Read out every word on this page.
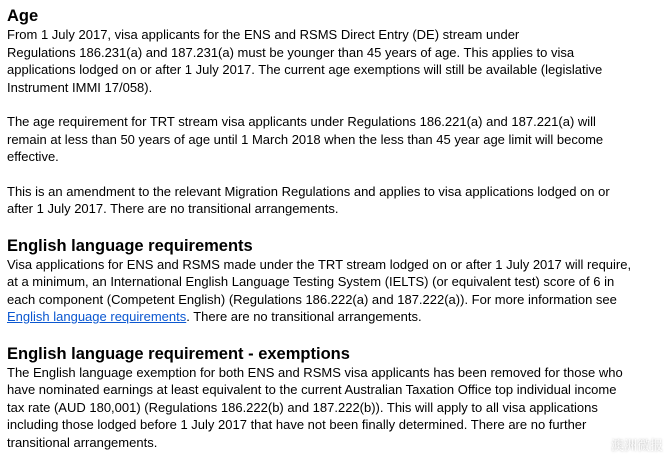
Age

From 1 July 2017, visa applicants for the ENS and RSMS Direct Entry (DE) stream under
Regulations 186.231(a) and 187.231(a) must be younger than 45 years of age. This applies to visa
applications lodged on or after 1 July 2017. The current age exemptions will still be available (legislative
Instrument IMMI 17/058).

The age requirement for TRT stream visa applicants under Regulations 186.221(a) and 187.221(a) will
remain at less than 50 years of age until 1 March 2018 when the less than 45 year age limit will become
effective.

This is an amendment to the relevant Migration Regulations and applies to visa applications lodged on or
after 1 July 2017. There are no transitional arrangements.

English language requirements

Visa applications for ENS and RSMS made under the TRT stream lodged on or after 1 July 2017 will require,
at a minimum, an International English Language Testing System (IELTS) (or equivalent test) score of 6 in
each component (Competent English) (Regulations 186.222(a) and 187.222(a)). For more information see
English language requirements. There are no transitional arrangements.

English language requirement - exemptions

The English language exemption for both ENS and RSMS visa applicants has been removed for those who
have nominated earnings at least equivalent to the current Australian Taxation Office top individual income
tax rate (AUD 180,001) (Regulations 186.222(b) and 187.222(b)). This will apply to all visa applications
including those lodged before 1 July 2017 that have not been finally determined. There are no further
transitional arrangements.	澳洲微报
